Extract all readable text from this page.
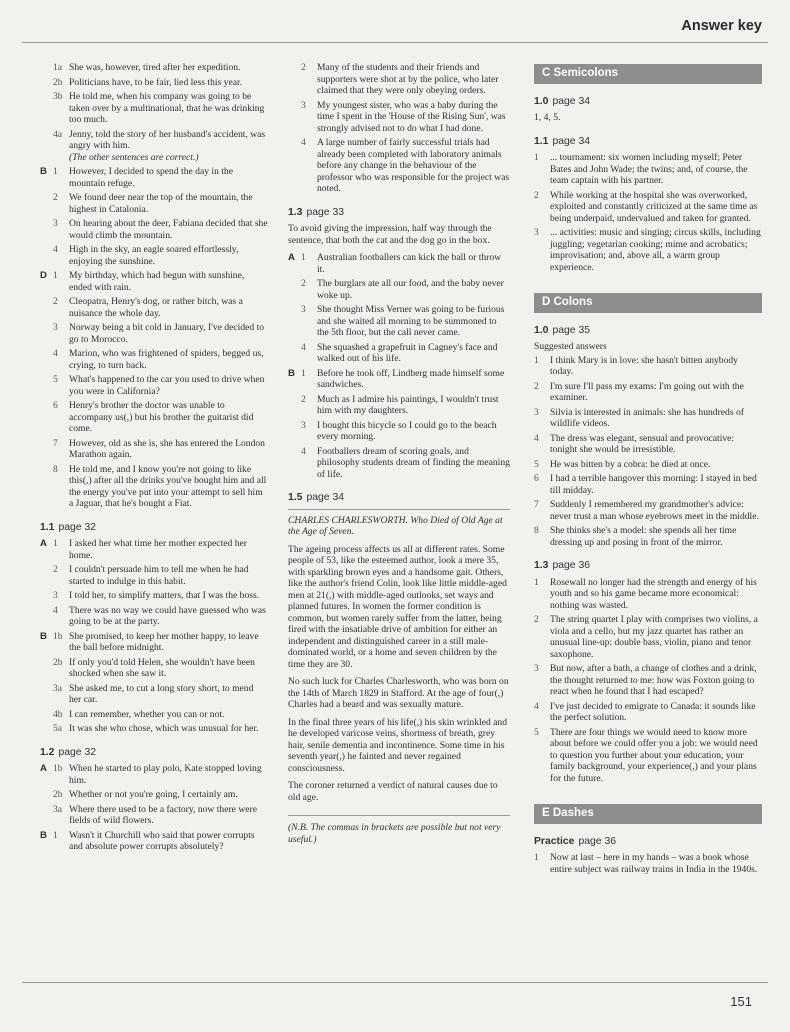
Answer key
1a She was, however, tired after her expedition.
2b Politicians have, to be fair, lied less this year.
3b He told me, when his company was going to be taken over by a multinational, that he was drinking too much.
4a Jenny, told the story of her husband's accident, was angry with him.
(The other sentences are correct.)
B 1	However, I decided to spend the day in the mountain refuge.
2	We found deer near the top of the mountain, the highest in Catalonia.
3	On hearing about the deer, Fabiana decided that she would climb the mountain.
4	High in the sky, an eagle soared effortlessly, enjoying the sunshine.
D 1	My birthday, which had begun with sunshine, ended with rain.
2	Cleopatra, Henry's dog, or rather bitch, was a nuisance the whole day.
3	Norway being a bit cold in January, I've decided to go to Morocco.
4	Marion, who was frightened of spiders, begged us, crying, to turn back.
5	What's happened to the car you used to drive when you were in California?
6	Henry's brother the doctor was unable to accompany us(,) but his brother the guitarist did come.
7	However, old as she is, she has entered the London Marathon again.
8	He told me, and I know you're not going to like this(,) after all the drinks you've bought him and all the energy you've put into your attempt to sell him a Jaguar, that he's bought a Fiat.
1.1 page 32
A 1	I asked her what time her mother expected her home.
2	I couldn't persuade him to tell me when he had started to indulge in this habit.
3	I told her, to simplify matters, that I was the boss.
4	There was no way we could have guessed who was going to be at the party.
B 1b She promised, to keep her mother happy, to leave the ball before midnight.
2b If only you'd told Helen, she wouldn't have been shocked when she saw it.
3a She asked me, to cut a long story short, to mend her car.
4b I can remember, whether you can or not.
5a It was she who chose, which was unusual for her.
1.2 page 32
A 1b When he started to play polo, Kate stopped loving him.
2b Whether or not you're going, I certainly am.
3a Where there used to be a factory, now there were fields of wild flowers.
B 1	Wasn't it Churchill who said that power corrupts and absolute power corrupts absolutely?
2	Many of the students and their friends and supporters were shot at by the police, who later claimed that they were only obeying orders.
3	My youngest sister, who was a baby during the time I spent in the 'House of the Rising Sun', was strongly advised not to do what I had done.
4	A large number of fairly successful trials had already been completed with laboratory animals before any change in the behaviour of the professor who was responsible for the project was noted.
1.3 page 33
To avoid giving the impression, half way through the sentence, that both the cat and the dog go in the box.
A 1	Australian footballers can kick the ball or throw it.
2	The burglars ate all our food, and the baby never woke up.
3	She thought Miss Verner was going to be furious and she waited all morning to be summoned to the 5th floor, but the call never came.
4	She squashed a grapefruit in Cagney's face and walked out of his life.
B 1	Before he took off, Lindberg made himself some sandwiches.
2	Much as I admire his paintings, I wouldn't trust him with my daughters.
3	I bought this bicycle so I could go to the beach every morning.
4	Footballers dream of scoring goals, and philosophy students dream of finding the meaning of life.
1.5 page 34
CHARLES CHARLESWORTH. Who Died of Old Age at the Age of Seven.

The ageing process affects us all at different rates. Some people of 53, like the esteemed author, look a mere 35, with sparkling brown eyes and a handsome gait. Others, like the author's friend Colin, look like little middle-aged men at 21(,) with middle-aged outlooks, set ways and planned futures. In women the former condition is common, but women rarely suffer from the latter, being fired with the insatiable drive of ambition for either an independent and distinguished career in a still male-dominated world, or a home and seven children by the time they are 30.

No such luck for Charles Charlesworth, who was born on the 14th of March 1829 in Stafford. At the age of four(,) Charles had a beard and was sexually mature.

In the final three years of his life(,) his skin wrinkled and he developed varicose veins, shortness of breath, grey hair, senile dementia and incontinence. Some time in his seventh year(,) he fainted and never regained consciousness.

The coroner returned a verdict of natural causes due to old age.

(N.B. The commas in brackets are possible but not very useful.)
C Semicolons
1.0 page 34
1, 4, 5.
1.1 page 34
1	... tournament: six women including myself; Peter Bates and John Wade; the twins; and, of course, the team captain with his partner.
2	While working at the hospital she was overworked, exploited and constantly criticized at the same time as being underpaid, undervalued and taken for granted.
3	... activities: music and singing; circus skills, including juggling; vegetarian cooking; mime and acrobatics; improvisation; and, above all, a warm group experience.
D Colons
1.0 page 35
Suggested answers
1	I think Mary is in love: she hasn't bitten anybody today.
2	I'm sure I'll pass my exams: I'm going out with the examiner.
3	Silvia is interested in animals: she has hundreds of wildlife videos.
4	The dress was elegant, sensual and provocative: tonight she would be irresistible.
5	He was bitten by a cobra: he died at once.
6	I had a terrible hangover this morning: I stayed in bed till midday.
7	Suddenly I remembered my grandmother's advice: never trust a man whose eyebrows meet in the middle.
8	She thinks she's a model: she spends all her time dressing up and posing in front of the mirror.
1.3 page 36
1	Rosewall no longer had the strength and energy of his youth and so his game became more economical: nothing was wasted.
2	The string quartet I play with comprises two violins, a viola and a cello, but my jazz quartet has rather an unusual line-up: double bass, violin, piano and tenor saxophone.
3	But now, after a bath, a change of clothes and a drink, the thought returned to me: how was Foxton going to react when he found that I had escaped?
4	I've just decided to emigrate to Canada: it sounds like the perfect solution.
5	There are four things we would need to know more about before we could offer you a job: we would need to question you further about your education, your family background, your experience(,) and your plans for the future.
E Dashes
Practice page 36
1	Now at last – here in my hands – was a book whose entire subject was railway trains in India in the 1940s.
151
